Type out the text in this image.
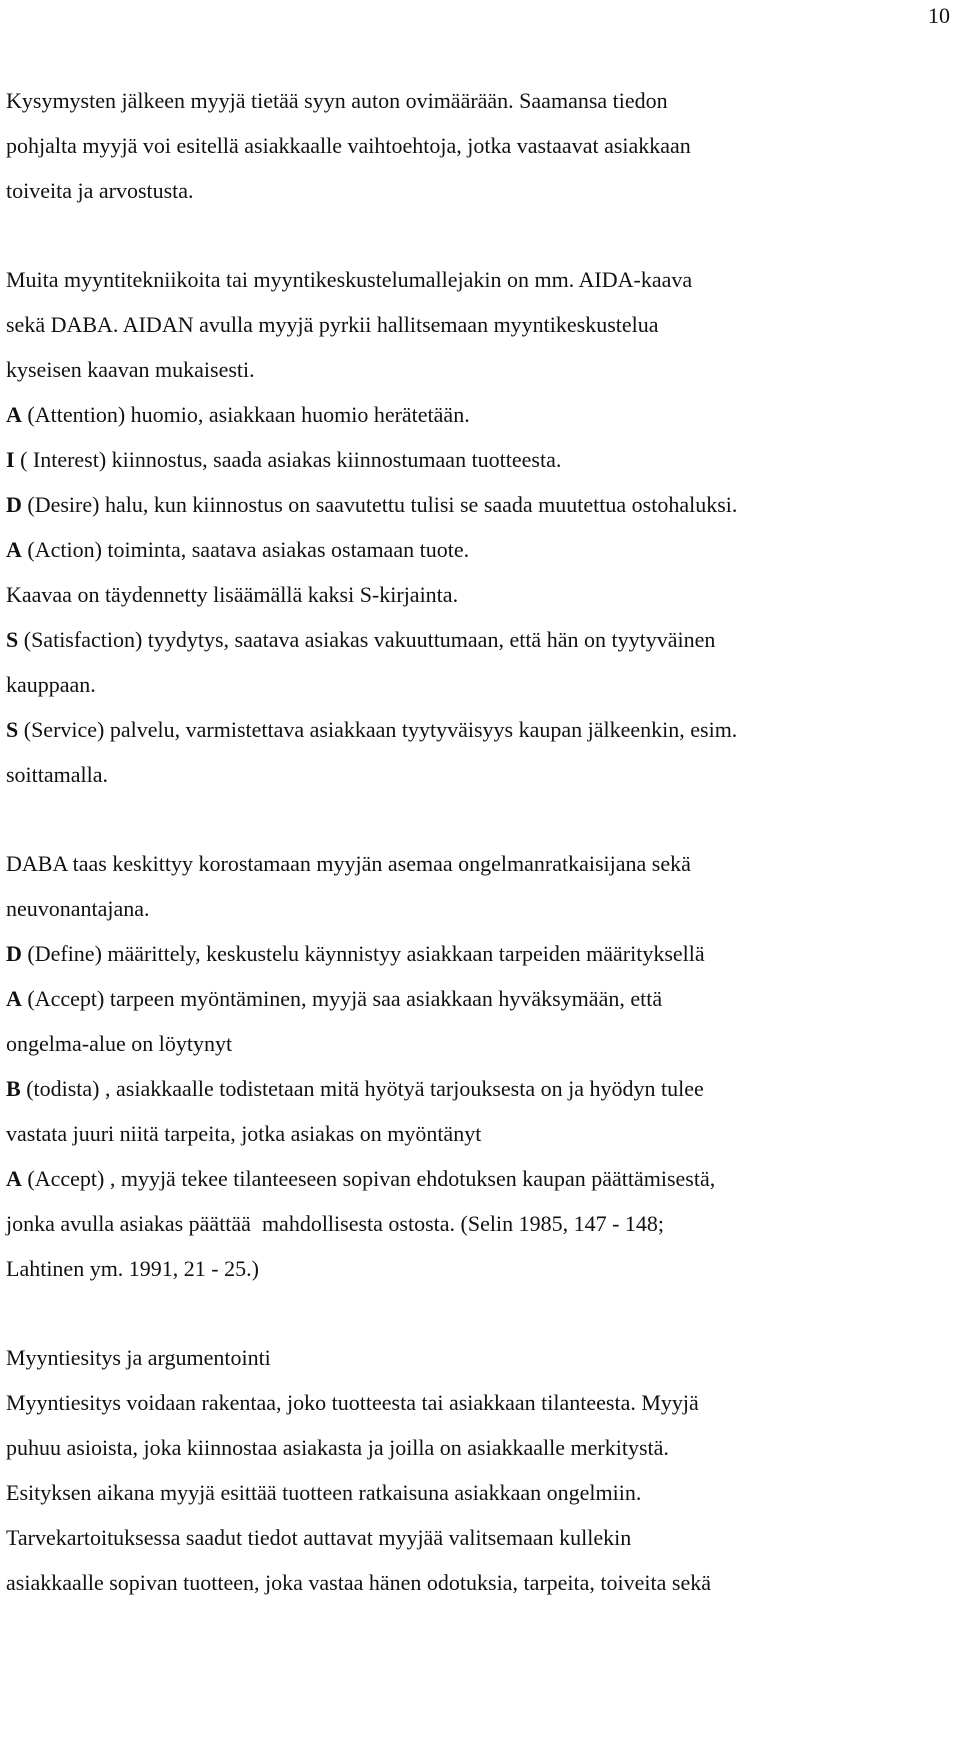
10
Kysymysten jälkeen myyjä tietää syyn auton ovimäärään. Saamansa tiedon
pohjalta myyjä voi esitellä asiakkaalle vaihtoehtoja, jotka vastaavat asiakkaan
toiveita ja arvostusta.
Muita myyntitekniikoita tai myyntikeskustelumallejakin on mm. AIDA-kaava
sekä DABA. AIDAN avulla myyjä pyrkii hallitsemaan myyntikeskustelua
kyseisen kaavan mukaisesti.
A (Attention) huomio, asiakkaan huomio herätetään.
I ( Interest) kiinnostus, saada asiakas kiinnostumaan tuotteesta.
D (Desire) halu, kun kiinnostus on saavutettu tulisi se saada muutettua ostohaluksi.
A (Action) toiminta, saatava asiakas ostamaan tuote.
Kaavaa on täydennetty lisäämällä kaksi S-kirjainta.
S (Satisfaction) tyydytys, saatava asiakas vakuuttumaan, että hän on tyytyväinen
kauppaan.
S (Service) palvelu, varmistettava asiakkaan tyytyväisyys kaupan jälkeenkin, esim.
soittamalla.
DABA taas keskittyy korostamaan myyjän asemaa ongelmanratkaisijana sekä
neuvonantajana.
D (Define) määrittely, keskustelu käynnistyy asiakkaan tarpeiden määrityksellä
A (Accept) tarpeen myöntäminen, myyjä saa asiakkaan hyväksymään, että
ongelma-alue on löytynyt
B (todista) , asiakkaalle todistetaan mitä hyötyä tarjouksesta on ja hyödyn tulee
vastata juuri niitä tarpeita, jotka asiakas on myöntänyt
A (Accept) , myyjä tekee tilanteeseen sopivan ehdotuksen kaupan päättämisestä,
jonka avulla asiakas päättää  mahdollisesta ostosta. (Selin 1985, 147 - 148;
Lahtinen ym. 1991, 21 - 25.)
Myyntiesitys ja argumentointi
Myyntiesitys voidaan rakentaa, joko tuotteesta tai asiakkaan tilanteesta. Myyjä
puhuu asioista, joka kiinnostaa asiakasta ja joilla on asiakkaalle merkitystä.
Esityksen aikana myyjä esittää tuotteen ratkaisuna asiakkaan ongelmiin.
Tarvekartoituksessa saadut tiedot auttavat myyjää valitsemaan kullekin
asiakkaalle sopivan tuotteen, joka vastaa hänen odotuksia, tarpeita, toiveita sekä
